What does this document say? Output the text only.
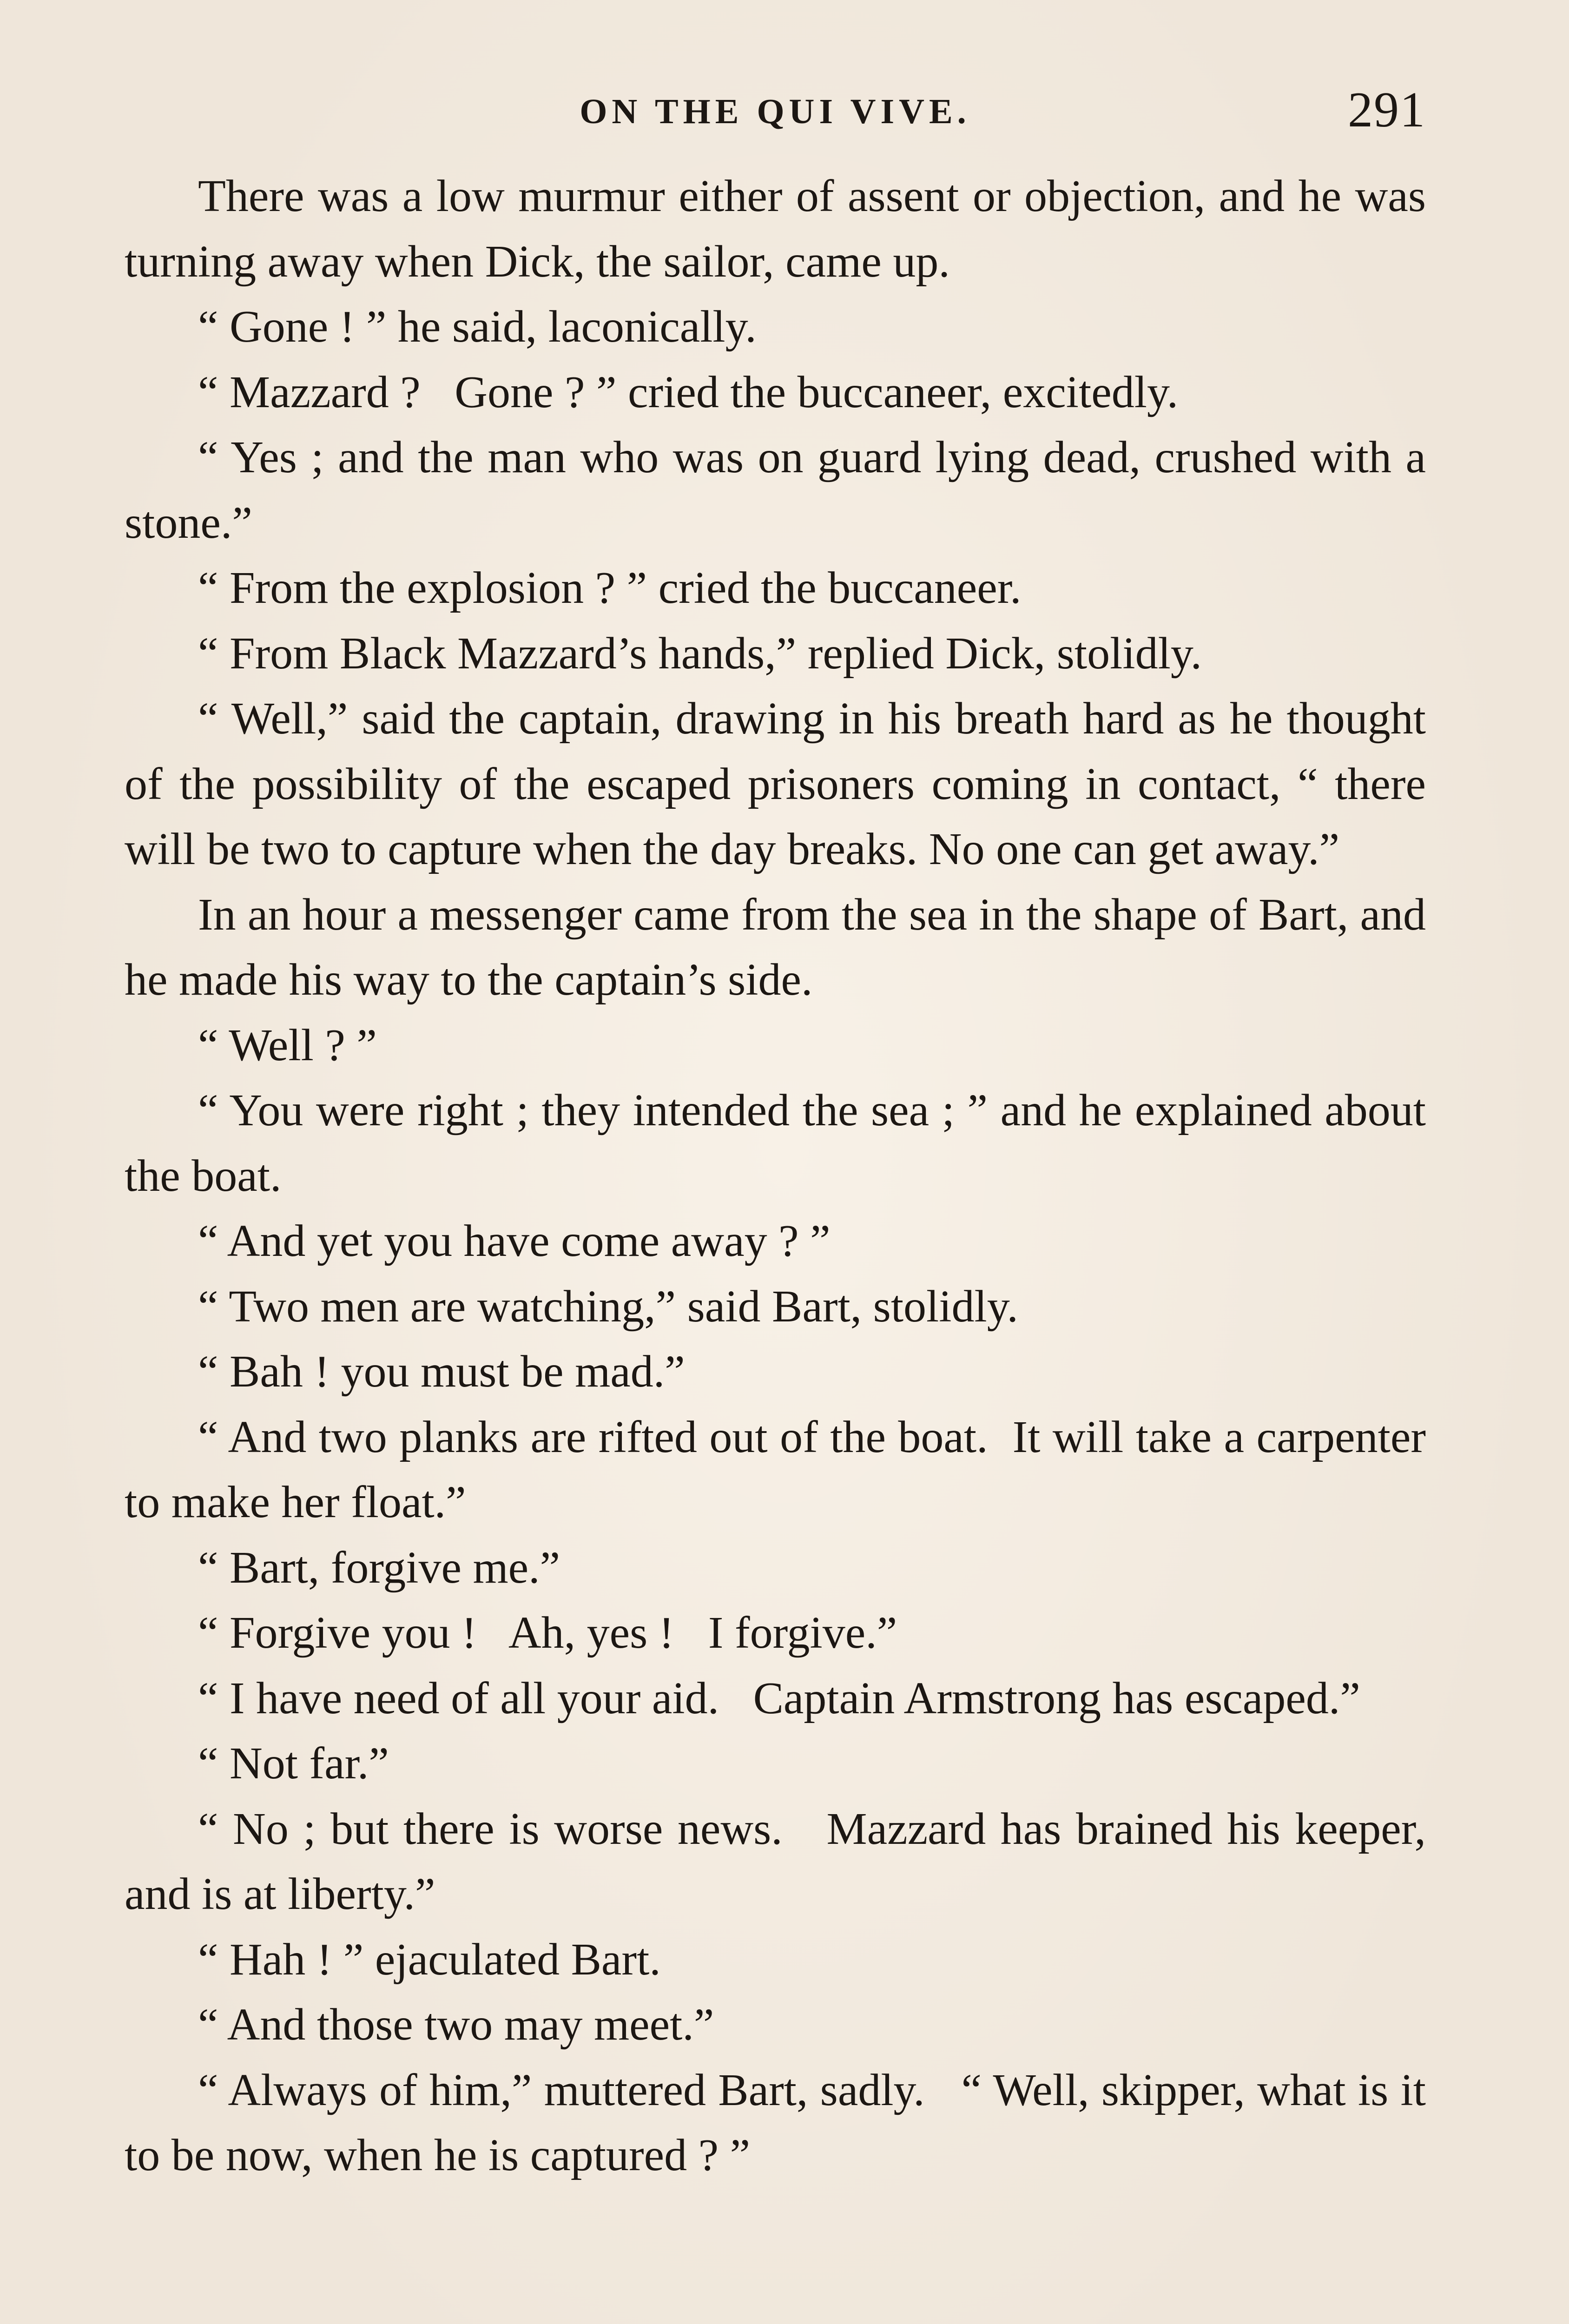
ON THE QUI VIVE.	291

There was a low murmur either of assent or objection, and he was turning away when Dick, the sailor, came up.

“ Gone ! ” he said, laconically.

“ Mazzard ?   Gone ? ” cried the buccaneer, excitedly.

“ Yes ; and the man who was on guard lying dead, crushed with a stone.”

“ From the explosion ? ” cried the buccaneer.

“ From Black Mazzard’s hands,” replied Dick, stolidly.

“ Well,” said the captain, drawing in his breath hard as he thought of the possibility of the escaped prisoners coming in contact, “ there will be two to capture when the day breaks. No one can get away.”

In an hour a messenger came from the sea in the shape of Bart, and he made his way to the captain’s side.

“ Well ? ”

“ You were right ; they intended the sea ; ” and he explained about the boat.

“ And yet you have come away ? ”

“ Two men are watching,” said Bart, stolidly.

“ Bah ! you must be mad.”

“ And two planks are rifted out of the boat.  It will take a carpenter to make her float.”

“ Bart, forgive me.”

“ Forgive you !   Ah, yes !   I forgive.”

“ I have need of all your aid.   Captain Armstrong has escaped.”

“ Not far.”

“ No ; but there is worse news.   Mazzard has brained his keeper, and is at liberty.”

“ Hah ! ” ejaculated Bart.

“ And those two may meet.”

“ Always of him,” muttered Bart, sadly.   “ Well, skipper, what is it to be now, when he is captured ? ”
